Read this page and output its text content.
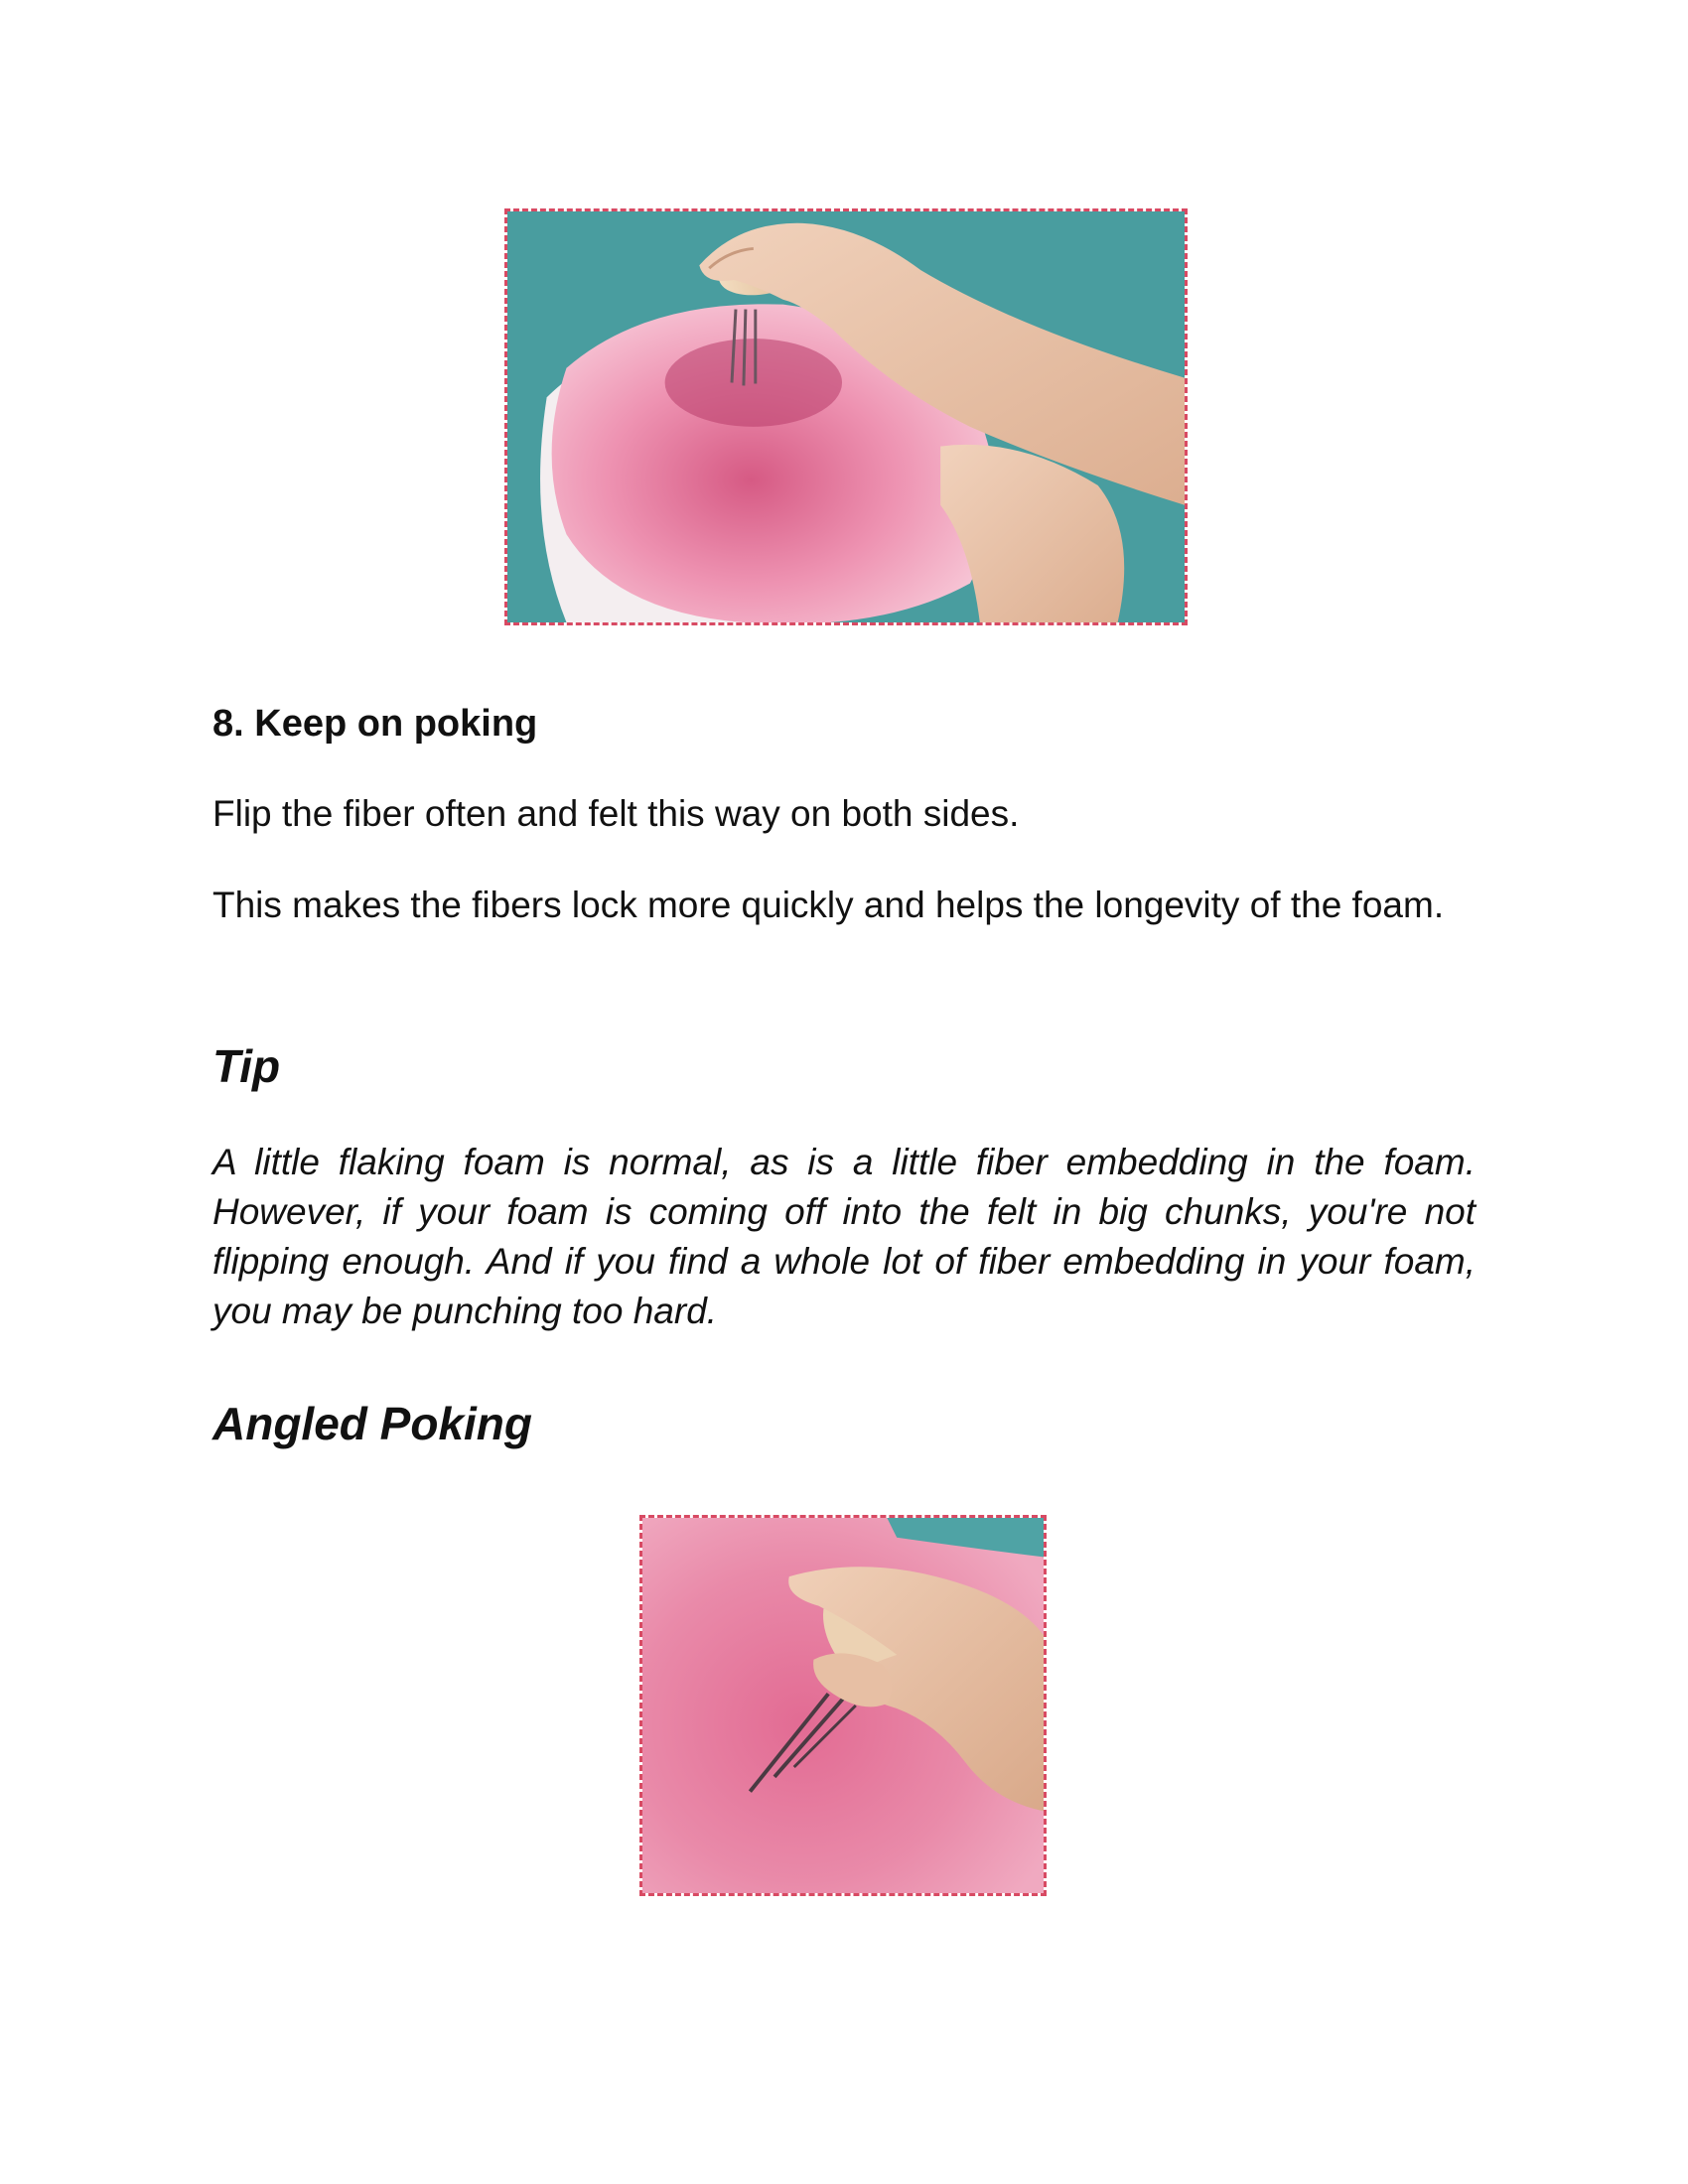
8. Keep on poking

Flip the fiber often and felt this way on both sides.

This makes the fibers lock more quickly and helps the longevity of the foam.

Tip

A little flaking foam is normal, as is a little fiber embedding in the foam. However, if your foam is coming off into the felt in big chunks, you're not flipping enough. And if you find a whole lot of fiber embedding in your foam, you may be punching too hard.

Angled Poking
